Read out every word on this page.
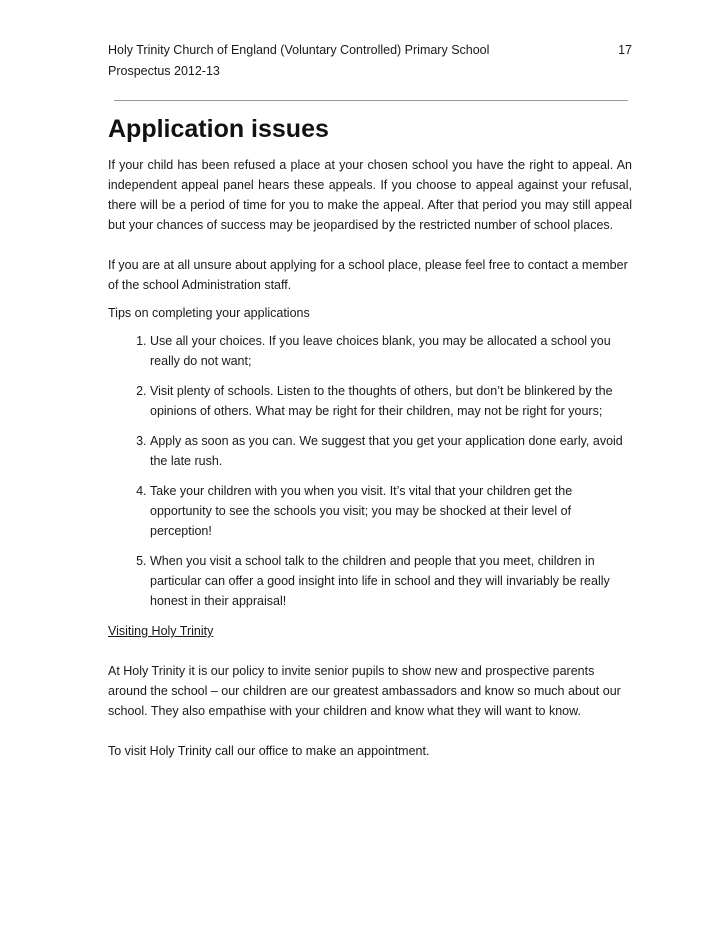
Holy Trinity Church of England (Voluntary Controlled) Primary School	17
Prospectus 2012-13
Application issues

If your child has been refused a place at your chosen school you have the right to appeal. An independent appeal panel hears these appeals. If you choose to appeal against your refusal, there will be a period of time for you to make the appeal. After that period you may still appeal but your chances of success may be jeopardised by the restricted number of school places.

If you are at all unsure about applying for a school place, please feel free to contact a member of the school Administration staff.

Tips on completing your applications

1. Use all your choices. If you leave choices blank, you may be allocated a school you really do not want;
2. Visit plenty of schools. Listen to the thoughts of others, but don’t be blinkered by the opinions of others. What may be right for their children, may not be right for yours;
3. Apply as soon as you can. We suggest that you get your application done early, avoid the late rush.
4. Take your children with you when you visit. It’s vital that your children get the opportunity to see the schools you visit; you may be shocked at their level of perception!
5. When you visit a school talk to the children and people that you meet, children in particular can offer a good insight into life in school and they will invariably be really honest in their appraisal!

Visiting Holy Trinity

At Holy Trinity it is our policy to invite senior pupils to show new and prospective parents around the school – our children are our greatest ambassadors and know so much about our school. They also empathise with your children and know what they will want to know.

To visit Holy Trinity call our office to make an appointment.
